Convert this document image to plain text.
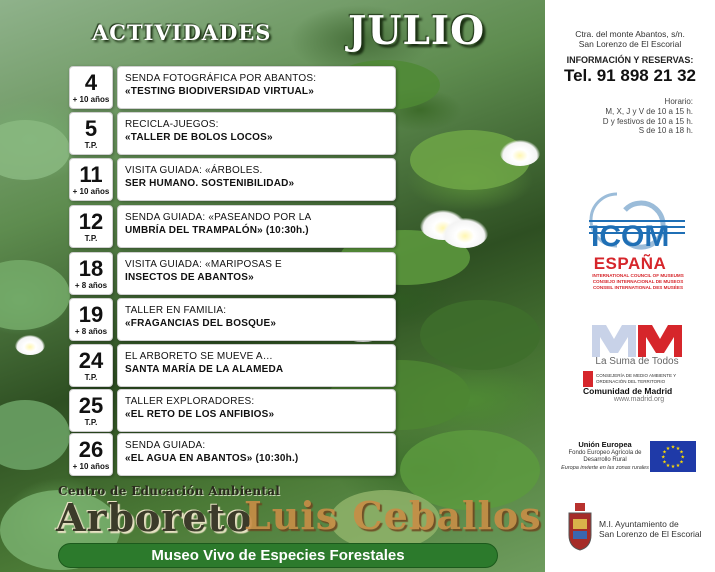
ACTIVIDADES JULIO
4
+ 10 años
SENDA FOTOGRÁFICA POR ABANTOS:
«TESTING BIODIVERSIDAD VIRTUAL»
5
T.P.
RECICLA-JUEGOS:
«TALLER DE BOLOS LOCOS»
11
+ 10 años
VISITA GUIADA: «ÁRBOLES.
SER HUMANO. SOSTENIBILIDAD»
12
T.P.
SENDA GUIADA: «PASEANDO POR LA
UMBRÍA DEL TRAMPALÓN» (10:30h.)
18
+ 8 años
VISITA GUIADA: «MARIPOSAS E
INSECTOS DE ABANTOS»
19
+ 8 años
TALLER EN FAMILIA:
«FRAGANCIAS DEL BOSQUE»
24
T.P.
EL ARBORETO SE MUEVE A…
SANTA MARÍA DE LA ALAMEDA
25
T.P.
TALLER EXPLORADORES:
«EL RETO DE LOS ANFIBIOS»
26
+ 10 años
SENDA GUIADA:
«EL AGUA EN ABANTOS» (10:30h.)
Centro de Educación Ambiental
Arboreto
Luis Ceballos
Museo Vivo de Especies Forestales
Ctra. del monte Abantos, s/n.
San Lorenzo de El Escorial
INFORMACIÓN Y RESERVAS:
Tel. 91 898 21 32
Horario:
M, X, J y V de 10 a 15 h.
D y festivos de 10 a 15 h.
S de 10 a 18 h.
ICOM
ESPAÑA
INTERNATIONAL COUNCIL OF MUSEUMS
CONSEJO INTERNACIONAL DE MUSEOS
CONSEIL INTERNATIONAL DES MUSÉES
La Suma de Todos
CONSEJERÍA DE MEDIO AMBIENTE Y ORDENACIÓN DEL TERRITORIO
Comunidad de Madrid
www.madrid.org
Unión Europea
Fondo Europeo Agrícola de Desarrollo Rural
Europa invierte en las zonas rurales
★ ★
★
★
★
★
★
★
★
★
★
★
M.I. Ayuntamiento de
San Lorenzo de El Escorial
